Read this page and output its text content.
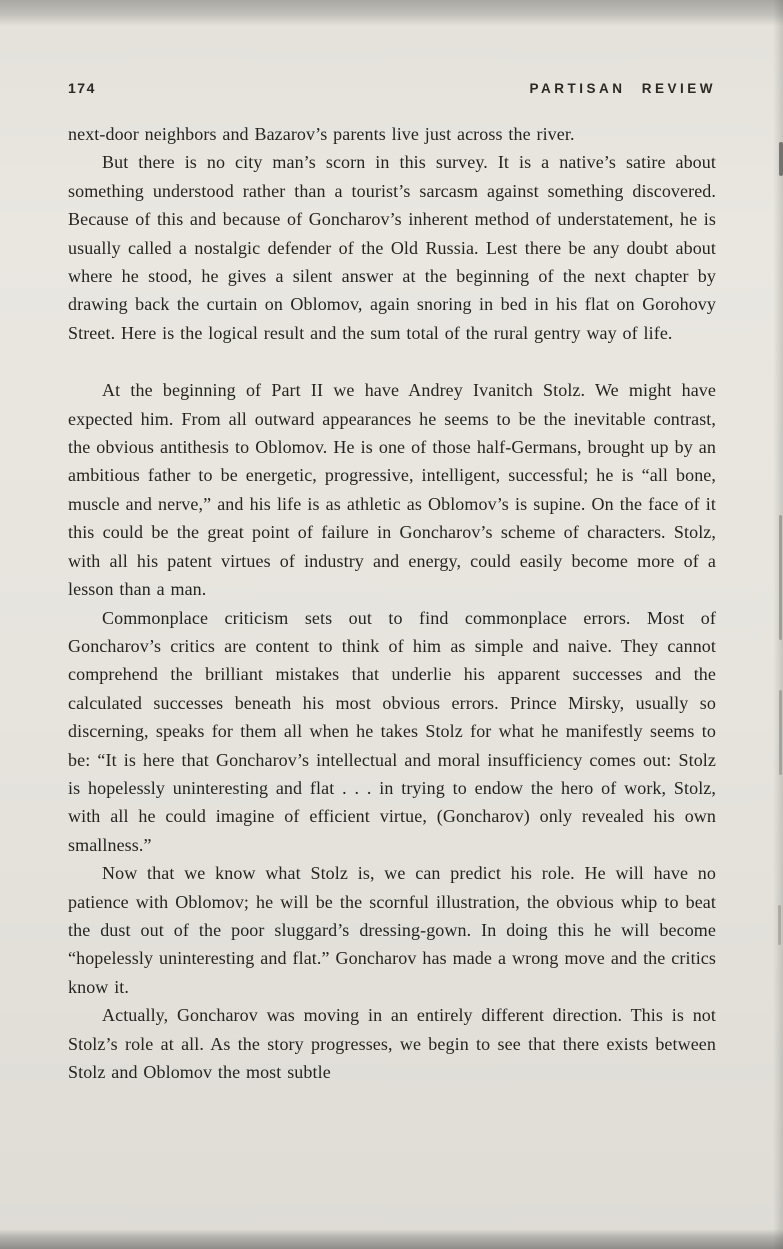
174	PARTISAN REVIEW

next-door neighbors and Bazarov’s parents live just across the river.

But there is no city man’s scorn in this survey. It is a native’s satire about something understood rather than a tourist’s sarcasm against something discovered. Because of this and because of Goncharov’s inherent method of understatement, he is usually called a nostalgic defender of the Old Russia. Lest there be any doubt about where he stood, he gives a silent answer at the beginning of the next chapter by drawing back the curtain on Oblomov, again snoring in bed in his flat on Gorohovy Street. Here is the logical result and the sum total of the rural gentry way of life.

At the beginning of Part II we have Andrey Ivanitch Stolz. We might have expected him. From all outward appearances he seems to be the inevitable contrast, the obvious antithesis to Oblomov. He is one of those half-Germans, brought up by an ambitious father to be energetic, progressive, intelligent, successful; he is “all bone, muscle and nerve,” and his life is as athletic as Oblomov’s is supine. On the face of it this could be the great point of failure in Goncharov’s scheme of characters. Stolz, with all his patent virtues of industry and energy, could easily become more of a lesson than a man.

Commonplace criticism sets out to find commonplace errors. Most of Goncharov’s critics are content to think of him as simple and naive. They cannot comprehend the brilliant mistakes that underlie his apparent successes and the calculated successes beneath his most obvious errors. Prince Mirsky, usually so discerning, speaks for them all when he takes Stolz for what he manifestly seems to be: “It is here that Goncharov’s intellectual and moral insufficiency comes out: Stolz is hopelessly uninteresting and flat . . . in trying to endow the hero of work, Stolz, with all he could imagine of efficient virtue, (Goncharov) only revealed his own smallness.”

Now that we know what Stolz is, we can predict his role. He will have no patience with Oblomov; he will be the scornful illustration, the obvious whip to beat the dust out of the poor sluggard’s dressing-gown. In doing this he will become “hopelessly uninteresting and flat.” Goncharov has made a wrong move and the critics know it.

Actually, Goncharov was moving in an entirely different direction. This is not Stolz’s role at all. As the story progresses, we begin to see that there exists between Stolz and Oblomov the most subtle
